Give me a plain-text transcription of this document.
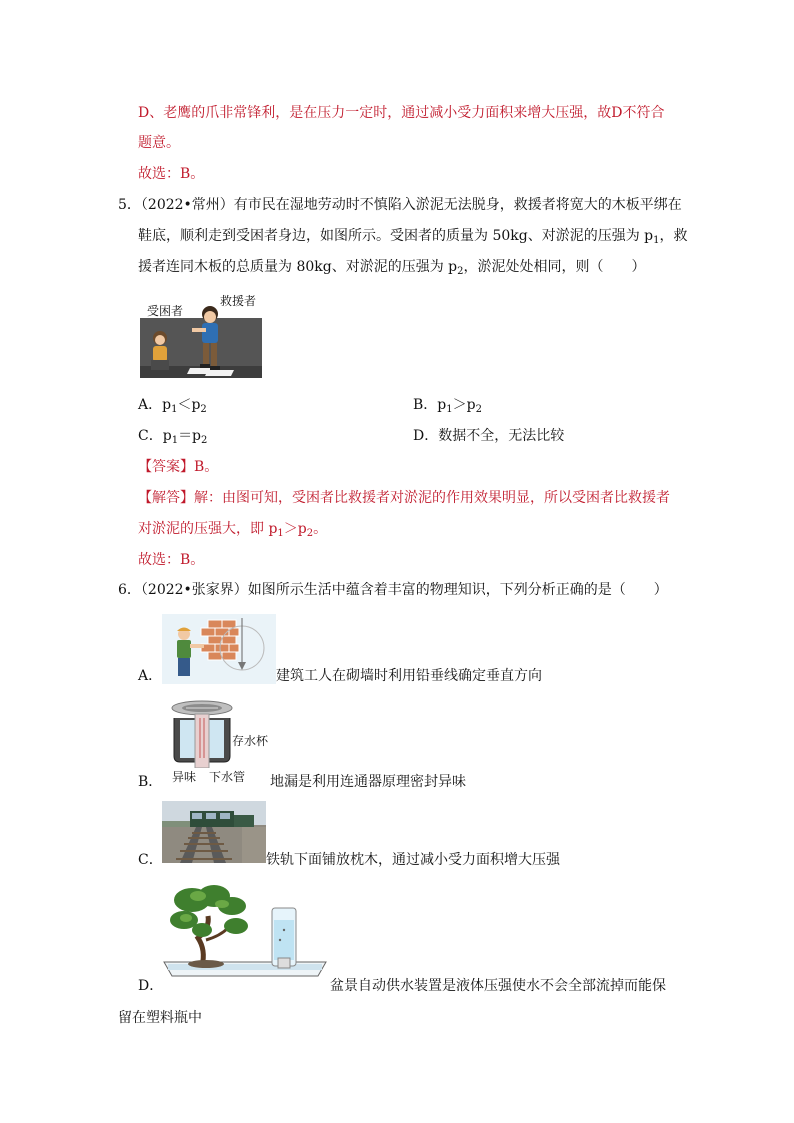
D、老鹰的爪非常锋利，是在压力一定时，通过减小受力面积来增大压强，故D不符合
题意。
故选：B。
5．（2022•常州）有市民在湿地劳动时不慎陷入淤泥无法脱身，救援者将宽大的木板平绑在
鞋底，顺利走到受困者身边，如图所示。受困者的质量为 50kg、对淤泥的压强为 $p_1$，救
援者连同木板的总质量为 80kg、对淤泥的压强为 $p_2$，淤泥处处相同，则（　　）
受困者
救援者
A．$p_1<p_2$	B．$p_1>p_2$
C．$p_1=p_2$	D．数据不全，无法比较
【答案】B。
【解答】解：由图可知，受困者比救援者对淤泥的作用效果明显，所以受困者比救援者
对淤泥的压强大，即 $p_1>p_2$。
故选：B。
6．（2022•张家界）如图所示生活中蕴含着丰富的物理知识，下列分析正确的是（　　）
A．	建筑工人在砌墙时利用铅垂线确定垂直方向
存水杯
异味 下水管
B．	地漏是利用连通器原理密封异味
C．	铁轨下面铺放枕木，通过减小受力面积增大压强
D．	盆景自动供水装置是液体压强使水不会全部流掉而能保
留在塑料瓶中
